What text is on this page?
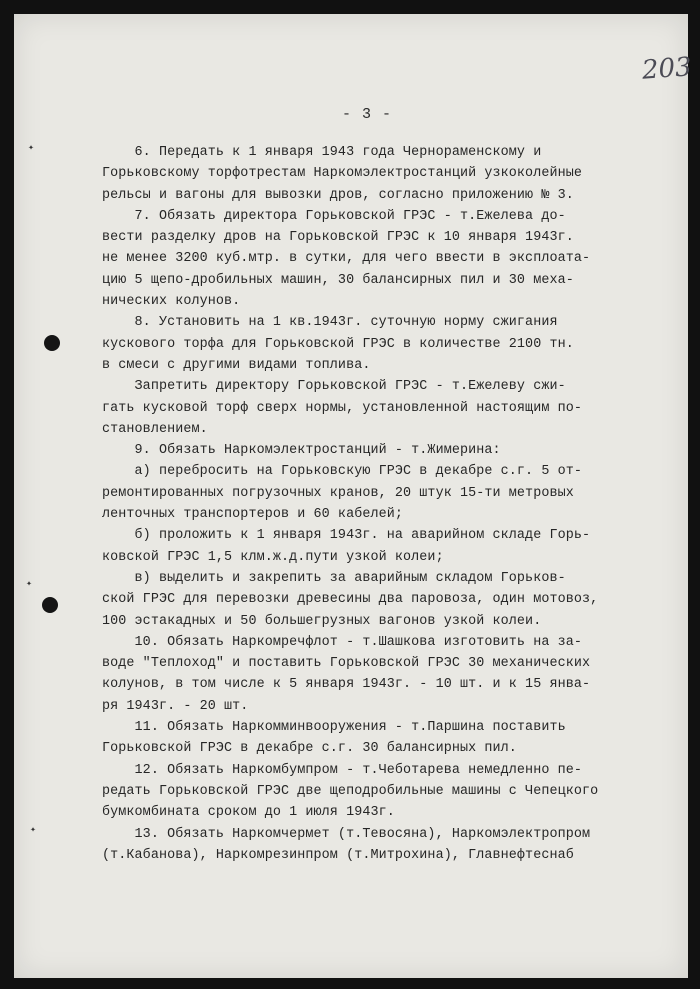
203
- 3 -
6. Передать к 1 января 1943 года Чернораменскому и
Горьковскому торфотрестам Наркомэлектростанций узкоколейные
рельсы и вагоны для вывозки дров, согласно приложению № 3.
7. Обязать директора Горьковской ГРЭС - т.Ежелева до-
вести разделку дров на Горьковской ГРЭС к 10 января 1943г.
не менее 3200 куб.мтр. в сутки, для чего ввести в эксплоата-
цию 5 щепо-дробильных машин, 30 балансирных пил и 30 меха-
нических колунов.
8. Установить на 1 кв.1943г. суточную норму сжигания
кускового торфа для Горьковской ГРЭС в количестве 2100 тн.
в смеси с другими видами топлива.
Запретить директору Горьковской ГРЭС - т.Ежелеву сжи-
гать кусковой торф сверх нормы, установленной настоящим по-
становлением.
9. Обязать Наркомэлектростанций - т.Жимерина:
а) перебросить на Горьковскую ГРЭС в декабре с.г. 5 от-
ремонтированных погрузочных кранов, 20 штук 15-ти метровых
ленточных транспортеров и 60 кабелей;
б) проложить к 1 января 1943г. на аварийном складе Горь-
ковской ГРЭС 1,5 клм.ж.д.пути узкой колеи;
в) выделить и закрепить за аварийным складом Горьков-
ской ГРЭС для перевозки древесины два паровоза, один мотовоз,
100 эстакадных и 50 большегрузных вагонов узкой колеи.
10. Обязать Наркомречфлот - т.Шашкова изготовить на за-
воде "Теплоход" и поставить Горьковской ГРЭС 30 механических
колунов, в том числе к 5 января 1943г. - 10 шт. и к 15 янва-
ря 1943г. - 20 шт.
11. Обязать Наркомминвооружения - т.Паршина поставить
Горьковской ГРЭС в декабре с.г. 30 балансирных пил.
12. Обязать Наркомбумпром - т.Чеботарева немедленно пе-
редать Горьковской ГРЭС две щеподробильные машины с Чепецкого
бумкомбината сроком до 1 июля 1943г.
13. Обязать Наркомчермет (т.Тевосяна), Наркомэлектропром
(т.Кабанова), Наркомрезинпром (т.Митрохина), Главнефтеснаб
✦
✦
✦
